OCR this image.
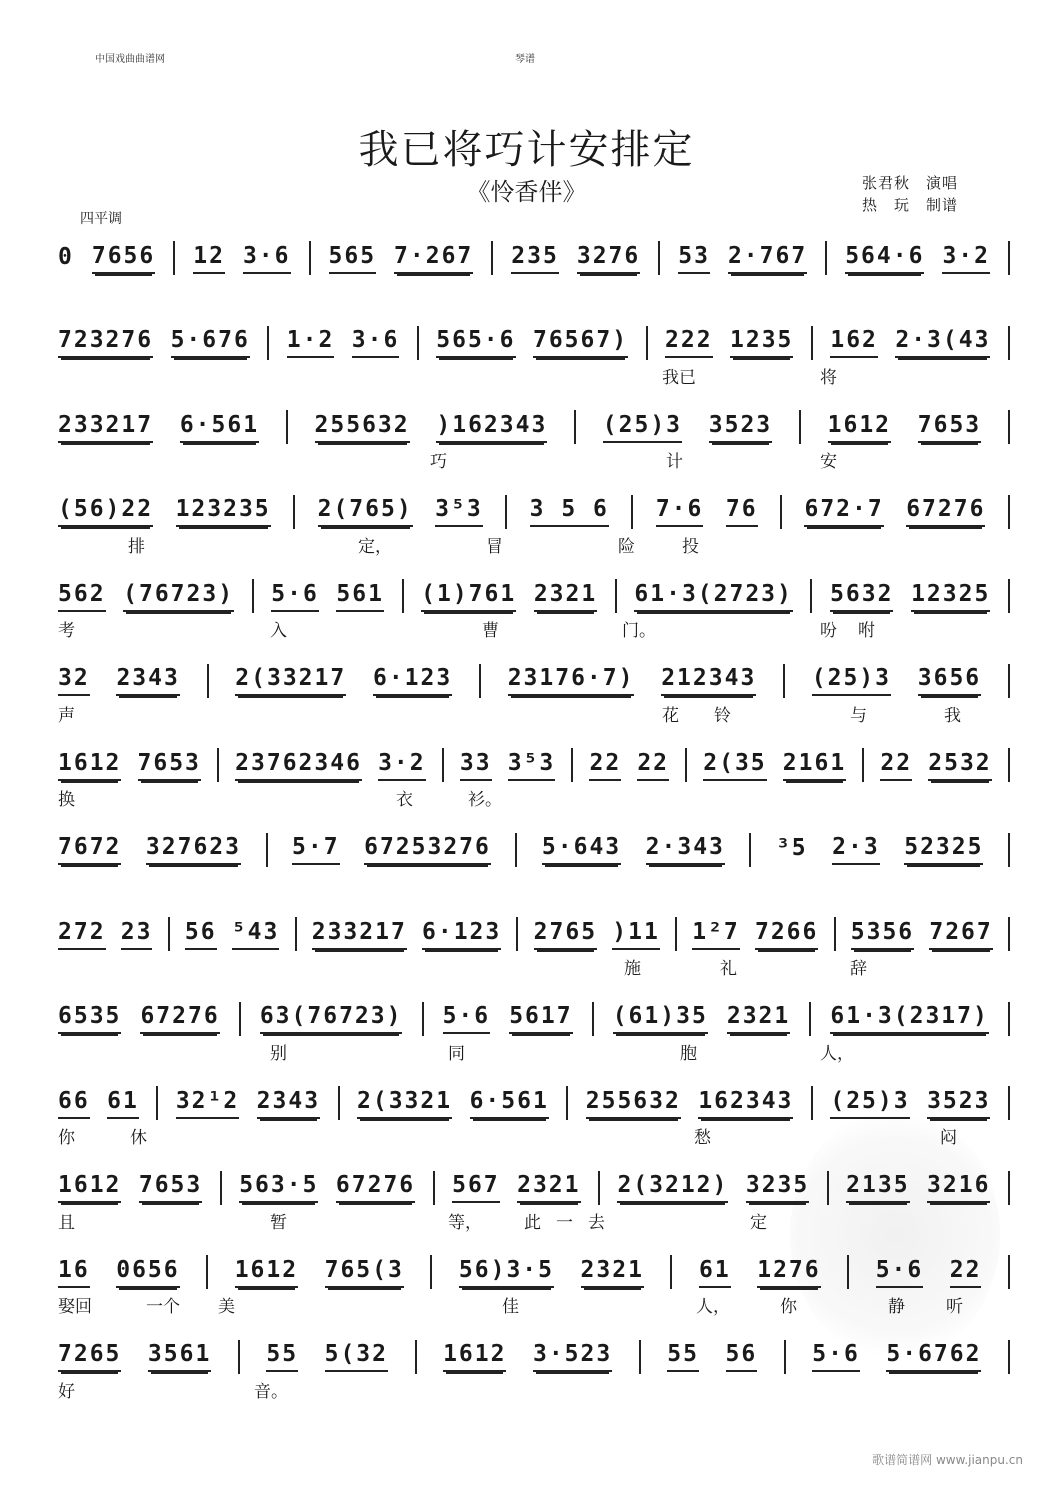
中国戏曲曲谱网	琴谱
我已将巧计安排定
《怜香伴》	张君秋　演唱
热　玩　制谱
四平调
0 7656 12 3·6 565 7·267 235 3276 53 2·767 564·6 3·2
723276 5·676 1·2 3·6 565·6 76567) 222 1235 162 2·3(43
我已	将
233217 6·561 255632 )162343 (25)3 3523 1612 7653
巧	计	安
(56)22 123235 2(765) 3⁵3 3 5 6 7·6 76 672·7 67276
排	定，	冒	险	投
562 (76723) 5·6 561 (1)761 2321 61·3(2723) 5632 12325
考	入	曹	门。	吩 咐
32 2343 2(33217 6·123 23176·7) 212343 (25)3 3656
声	花 铃	与	我
1612 7653 23762346 3·2 33 3⁵3 22 22 2(35 2161 22 2532
换	衣	衫。
7672 327623 5·7 67253276 5·643 2·343 ³5 2·3 52325
272 23 56 ⁵43 233217 6·123 2765 )11 1²7 7266 5356 7267
施	礼	辞
6535 67276 63(76723) 5·6 5617 (61)35 2321 61·3(2317)
别	同	胞	人，
66 61 32¹2 2343 2(3321 6·561 255632 162343 (25)3 3523
你	休	愁	闷
1612 7653 563·5 67276 567 2321 2(3212) 3235 2135 3216
且	暂	等， 此 一 去	定
16 0656 1612 765(3 56)3·5 2321 61 1276 5·6 22
娶回	一个 美	佳	人，	你	静 听
7265 3561 55 5(32 1612 3·523 55 56 5·6 5·6762
好	音。
歌谱简谱网 www.jianpu.cn
